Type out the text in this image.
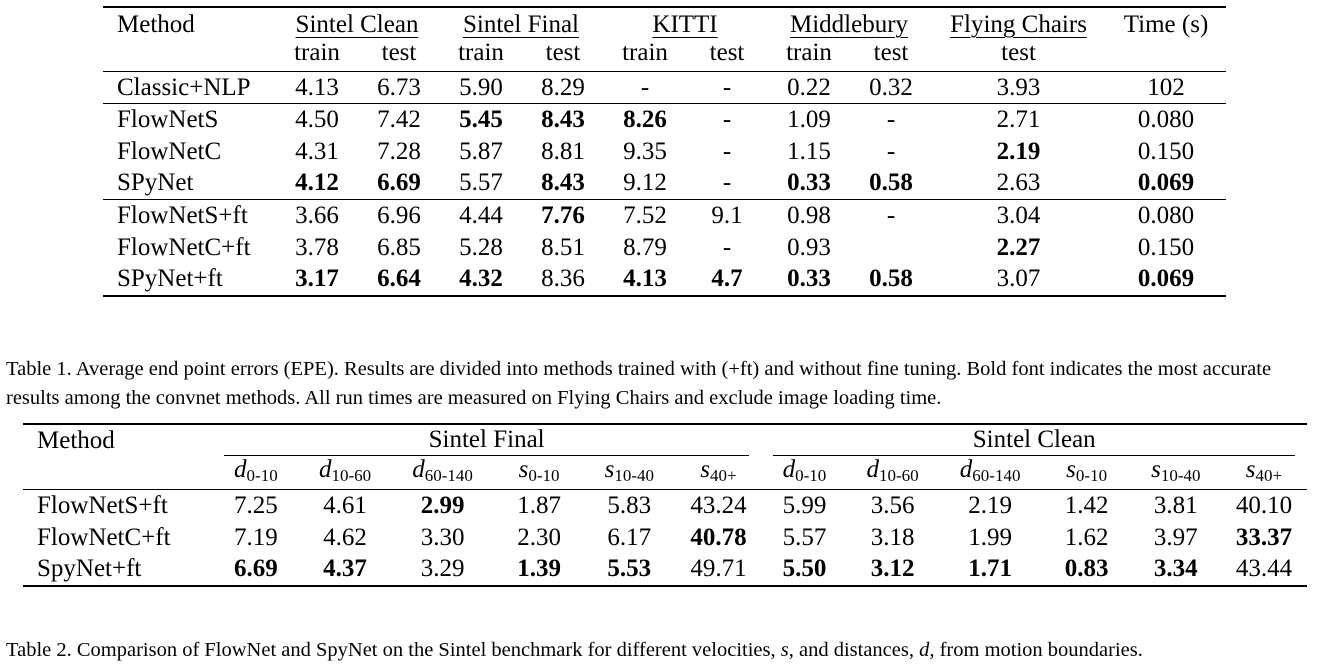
Method	Sintel Clean		Sintel Final		KITTI		Middlebury		Flying Chairs	Time (s)
	train	test	train	test	train	test	train	test	test	
Classic+NLP	4.13	6.73	5.90	8.29	-	-	0.22	0.32	3.93	102
FlowNetS	4.50	7.42	5.45	8.43	8.26	-	1.09	-	2.71	0.080
FlowNetC	4.31	7.28	5.87	8.81	9.35	-	1.15	-	2.19	0.150
SPyNet	4.12	6.69	5.57	8.43	9.12	-	0.33	0.58	2.63	0.069
FlowNetS+ft	3.66	6.96	4.44	7.76	7.52	9.1	0.98	-	3.04	0.080
FlowNetC+ft	3.78	6.85	5.28	8.51	8.79	-	0.93		2.27	0.150
SPyNet+ft	3.17	6.64	4.32	8.36	4.13	4.7	0.33	0.58	3.07	0.069

Table 1. Average end point errors (EPE). Results are divided into methods trained with (+ft) and without fine tuning. Bold font indicates the most accurate results among the convnet methods. All run times are measured on Flying Chairs and exclude image loading time.

Method	Sintel Final						Sintel Clean					

	$d_{0-10}$	$d_{10-60}$	$d_{60-140}$	$s_{0-10}$	$s_{10-40}$	$s_{40+}$	$d_{0-10}$	$d_{10-60}$	$d_{60-140}$	$s_{0-10}$	$s_{10-40}$	$s_{40+}$
FlowNetS+ft	7.25	4.61	2.99	1.87	5.83	43.24	5.99	3.56	2.19	1.42	3.81	40.10
FlowNetC+ft	7.19	4.62	3.30	2.30	6.17	40.78	5.57	3.18	1.99	1.62	3.97	33.37
SpyNet+ft	6.69	4.37	3.29	1.39	5.53	49.71	5.50	3.12	1.71	0.83	3.34	43.44

Table 2. Comparison of FlowNet and SpyNet on the Sintel benchmark for different velocities, s, and distances, d, from motion boundaries.
